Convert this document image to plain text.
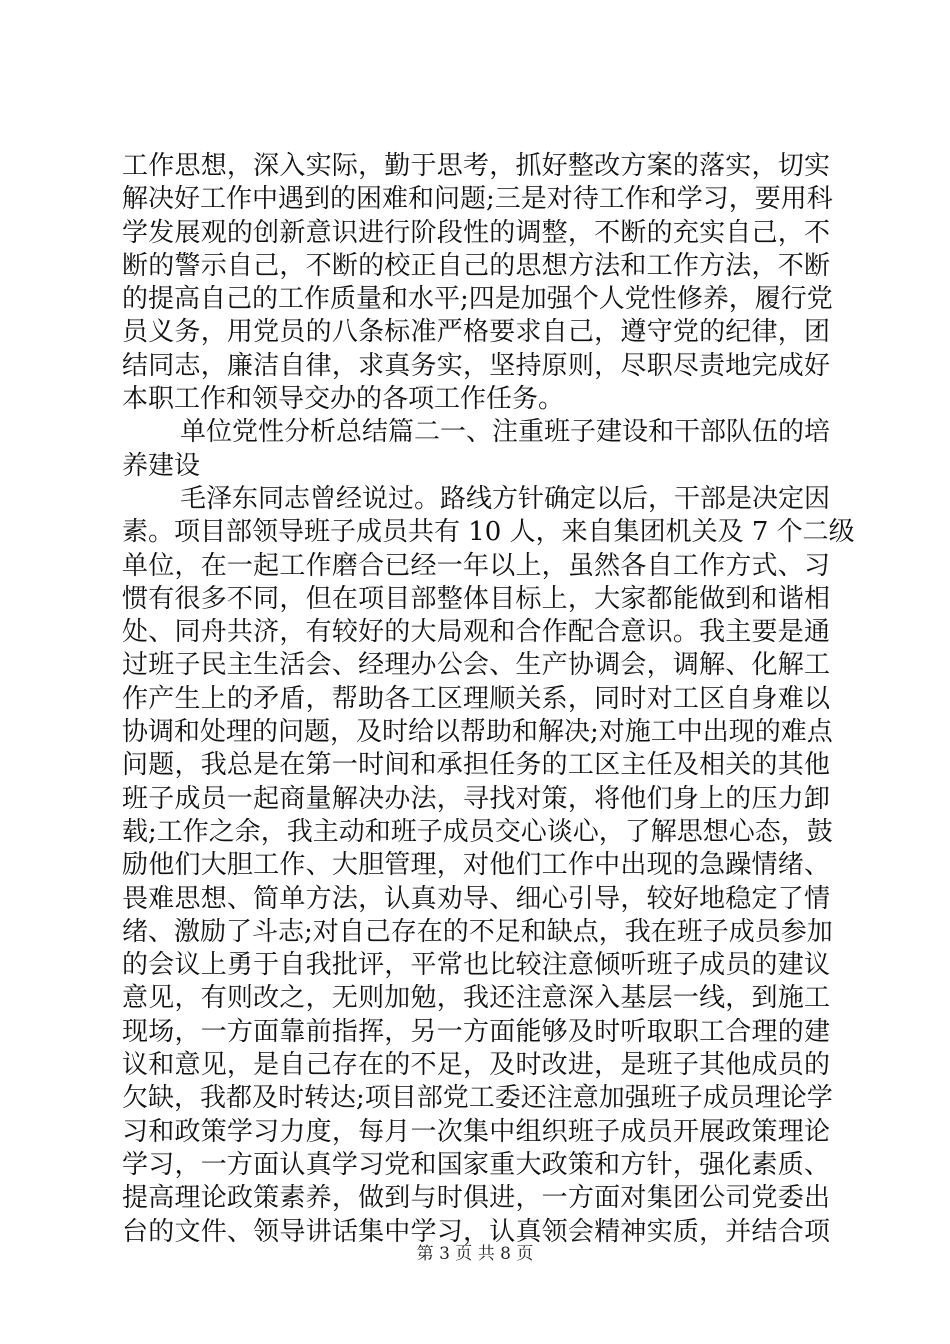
工作思想，深入实际，勤于思考，抓好整改方案的落实，切实
解决好工作中遇到的困难和问题;三是对待工作和学习，要用科
学发展观的创新意识进行阶段性的调整，不断的充实自己，不
断的警示自己，不断的校正自己的思想方法和工作方法，不断
的提高自己的工作质量和水平;四是加强个人党性修养，履行党
员义务，用党员的八条标准严格要求自己，遵守党的纪律，团
结同志，廉洁自律，求真务实，坚持原则，尽职尽责地完成好
本职工作和领导交办的各项工作任务。
单位党性分析总结篇二一、注重班子建设和干部队伍的培
养建设
毛泽东同志曾经说过。路线方针确定以后，干部是决定因
素。项目部领导班子成员共有 10 人，来自集团机关及 7 个二级
单位，在一起工作磨合已经一年以上，虽然各自工作方式、习
惯有很多不同，但在项目部整体目标上，大家都能做到和谐相
处、同舟共济，有较好的大局观和合作配合意识。我主要是通
过班子民主生活会、经理办公会、生产协调会，调解、化解工
作产生上的矛盾，帮助各工区理顺关系，同时对工区自身难以
协调和处理的问题，及时给以帮助和解决;对施工中出现的难点
问题，我总是在第一时间和承担任务的工区主任及相关的其他
班子成员一起商量解决办法，寻找对策，将他们身上的压力卸
载;工作之余，我主动和班子成员交心谈心，了解思想心态，鼓
励他们大胆工作、大胆管理，对他们工作中出现的急躁情绪、
畏难思想、简单方法，认真劝导、细心引导，较好地稳定了情
绪、激励了斗志;对自己存在的不足和缺点，我在班子成员参加
的会议上勇于自我批评，平常也比较注意倾听班子成员的建议
意见，有则改之，无则加勉，我还注意深入基层一线，到施工
现场，一方面靠前指挥，另一方面能够及时听取职工合理的建
议和意见，是自己存在的不足，及时改进，是班子其他成员的
欠缺，我都及时转达;项目部党工委还注意加强班子成员理论学
习和政策学习力度，每月一次集中组织班子成员开展政策理论
学习，一方面认真学习党和国家重大政策和方针，强化素质、
提高理论政策素养，做到与时俱进，一方面对集团公司党委出
台的文件、领导讲话集中学习，认真领会精神实质，并结合项
第 3 页 共 8 页
